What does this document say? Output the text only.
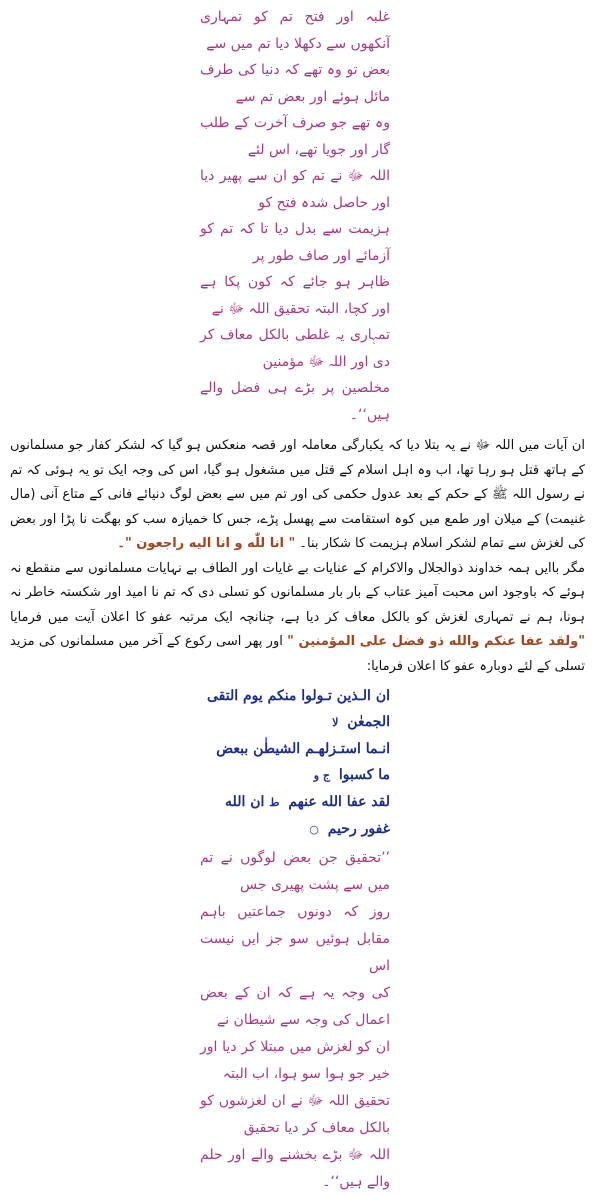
غلبہ اور فتح تم کو تمہاری آنکھوں سے دکھلا دیا تم میں سے
بعض تو وہ تھے کہ دنیا کی طرف مائل ہوئے اور بعض تم سے
وہ تھے جو صرف آخرت کے طلب گار اور جویا تھے، اس لئے
اللہ ﷻ نے تم کو ان سے پھیر دیا اور حاصل شدہ فتح کو
ہزیمت سے بدل دیا تا کہ تم کو آزمائے اور صاف طور پر
ظاہر ہو جائے کہ کون پکا ہے اور کچا، البتہ تحقیق اللہ ﷻ نے
تمہاری یہ غلطی بالکل معاف کر دی اور اللہ ﷻ مؤمنین
مخلصین پر بڑے ہی فضل والے ہیں‘‘۔

ان آیات میں اللہ ﷻ نے یہ بتلا دیا کہ یکبارگی معاملہ اور قصہ منعکس ہو گیا کہ لشکر کفار جو مسلمانوں کے ہاتھ قتل ہو رہا تھا، اب وہ اہل اسلام کے قتل میں مشغول ہو گیا، اس کی وجہ ایک تو یہ ہوئی کہ تم نے رسول اللہ ﷺ کے حکم کے بعد عدول حکمی کی اور تم میں سے بعض لوگ دنیائے فانی کے متاع آنی (مال غنیمت) کے میلان اور طمع میں کوہ استقامت سے پھسل پڑے، جس کا خمیازہ سب کو بھگت نا پڑا اور بعض کی لغزش سے تمام لشکر اسلام ہزیمت کا شکار بنا۔ " انا للّٰه و انا الیه راجعون "۔

مگر باایں ہمہ خداوند ذوالجلال والاکرام کے عنایات بے غایات اور الطاف بے نہایات مسلمانوں سے منقطع نہ ہوئے کہ باوجود اس محبت آمیز عتاب کے بار بار مسلمانوں کو تسلی دی کہ تم نا امید اور شکستہ خاطر نہ ہونا، ہم نے تمہاری لغزش کو بالکل معاف کر دیا ہے، چنانچہ ایک مرتبہ عفو کا اعلان آیت میں فرمایا "ولقد عفا عنكم والله ذو فضل على المؤمنين " اور پھر اسی رکوع کے آخر میں مسلمانوں کی مزید تسلی کے لئے دوبارہ عفو کا اعلان فرمایا:

ان الـذين تـولوا منكم يوم التقى الجمعٰن لا
انـما استـزلهـم الشيطٰن ببعض ما كسبوا ج و
لقد عفا الله عنهم ط ان الله غفور رحيم ○
’’تحقیق جن بعض لوگوں نے تم میں سے پشت پھیری جس
روز کہ دونوں جماعتیں باہم مقابل ہوئیں سو جز ایں نیست اس
کی وجہ یہ ہے کہ ان کے بعض اعمال کی وجہ سے شیطان نے
ان کو لغزش میں مبتلا کر دیا اور خیر جو ہوا سو ہوا، اب البتہ
تحقیق اللہ ﷻ نے ان لغزشوں کو بالکل معاف کر دیا تحقیق
اللہ ﷻ بڑے بخشنے والے اور حلم والے ہیں‘‘۔
